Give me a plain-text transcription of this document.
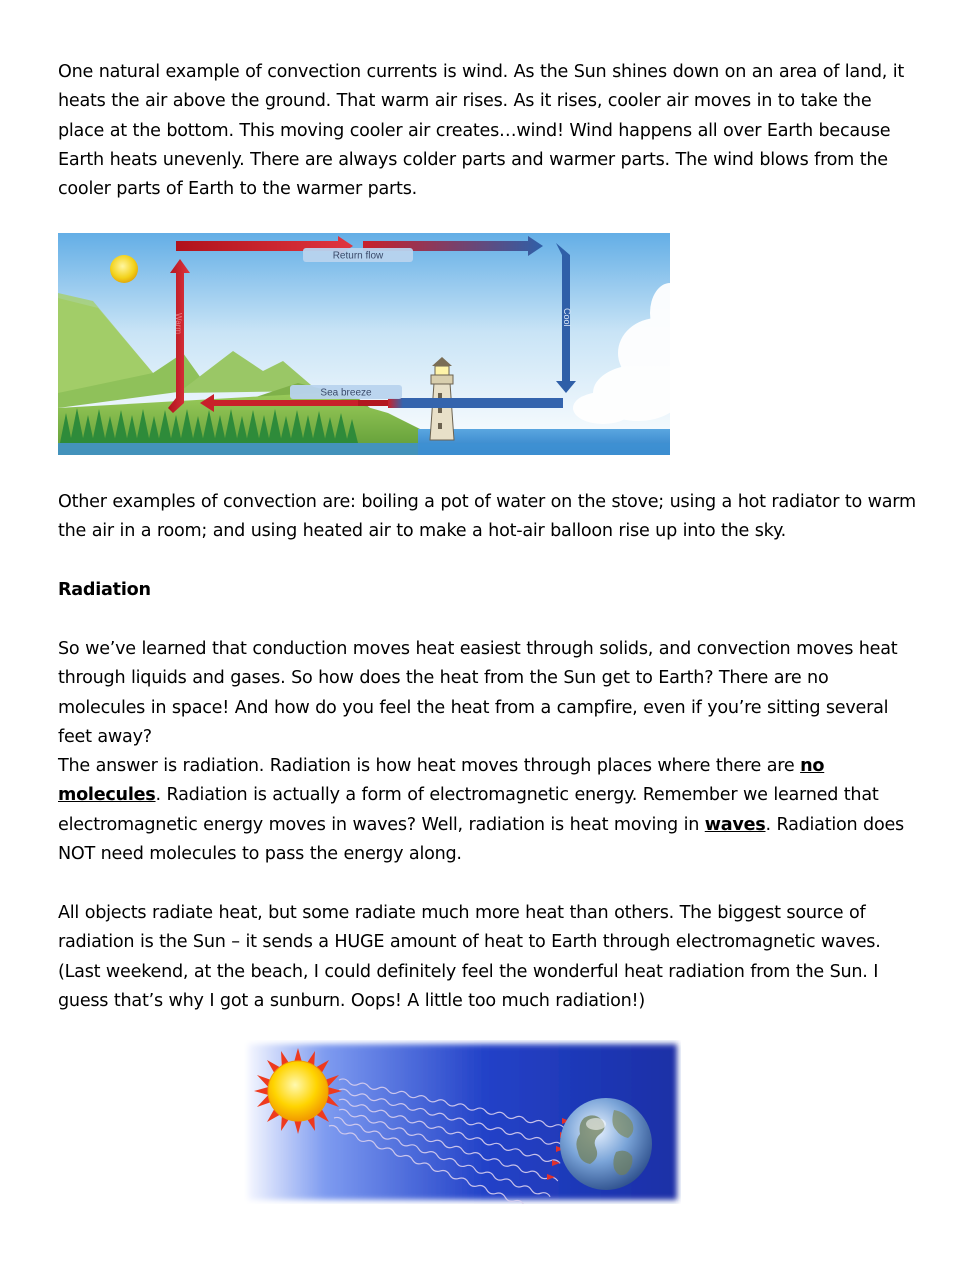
One natural example of convection currents is wind. As the Sun shines down on an area of land, it heats the air above the ground. That warm air rises. As it rises, cooler air moves in to take the place at the bottom. This moving cooler air creates…wind! Wind happens all over Earth because Earth heats unevenly. There are always colder parts and warmer parts. The wind blows from the cooler parts of Earth to the warmer parts.

Return flow
Sea breeze
Cool
Warm

Other examples of convection are: boiling a pot of water on the stove; using a hot radiator to warm the air in a room; and using heated air to make a hot-air balloon rise up into the sky.

Radiation

So we’ve learned that conduction moves heat easiest through solids, and convection moves heat through liquids and gases. So how does the heat from the Sun get to Earth? There are no molecules in space! And how do you feel the heat from a campfire, even if you’re sitting several feet away?

The answer is radiation. Radiation is how heat moves through places where there are no molecules. Radiation is actually a form of electromagnetic energy. Remember we learned that electromagnetic energy moves in waves? Well, radiation is heat moving in waves. Radiation does NOT need molecules to pass the energy along.

All objects radiate heat, but some radiate much more heat than others. The biggest source of radiation is the Sun – it sends a HUGE amount of heat to Earth through electromagnetic waves. (Last weekend, at the beach, I could definitely feel the wonderful heat radiation from the Sun. I guess that’s why I got a sunburn. Oops! A little too much radiation!)
